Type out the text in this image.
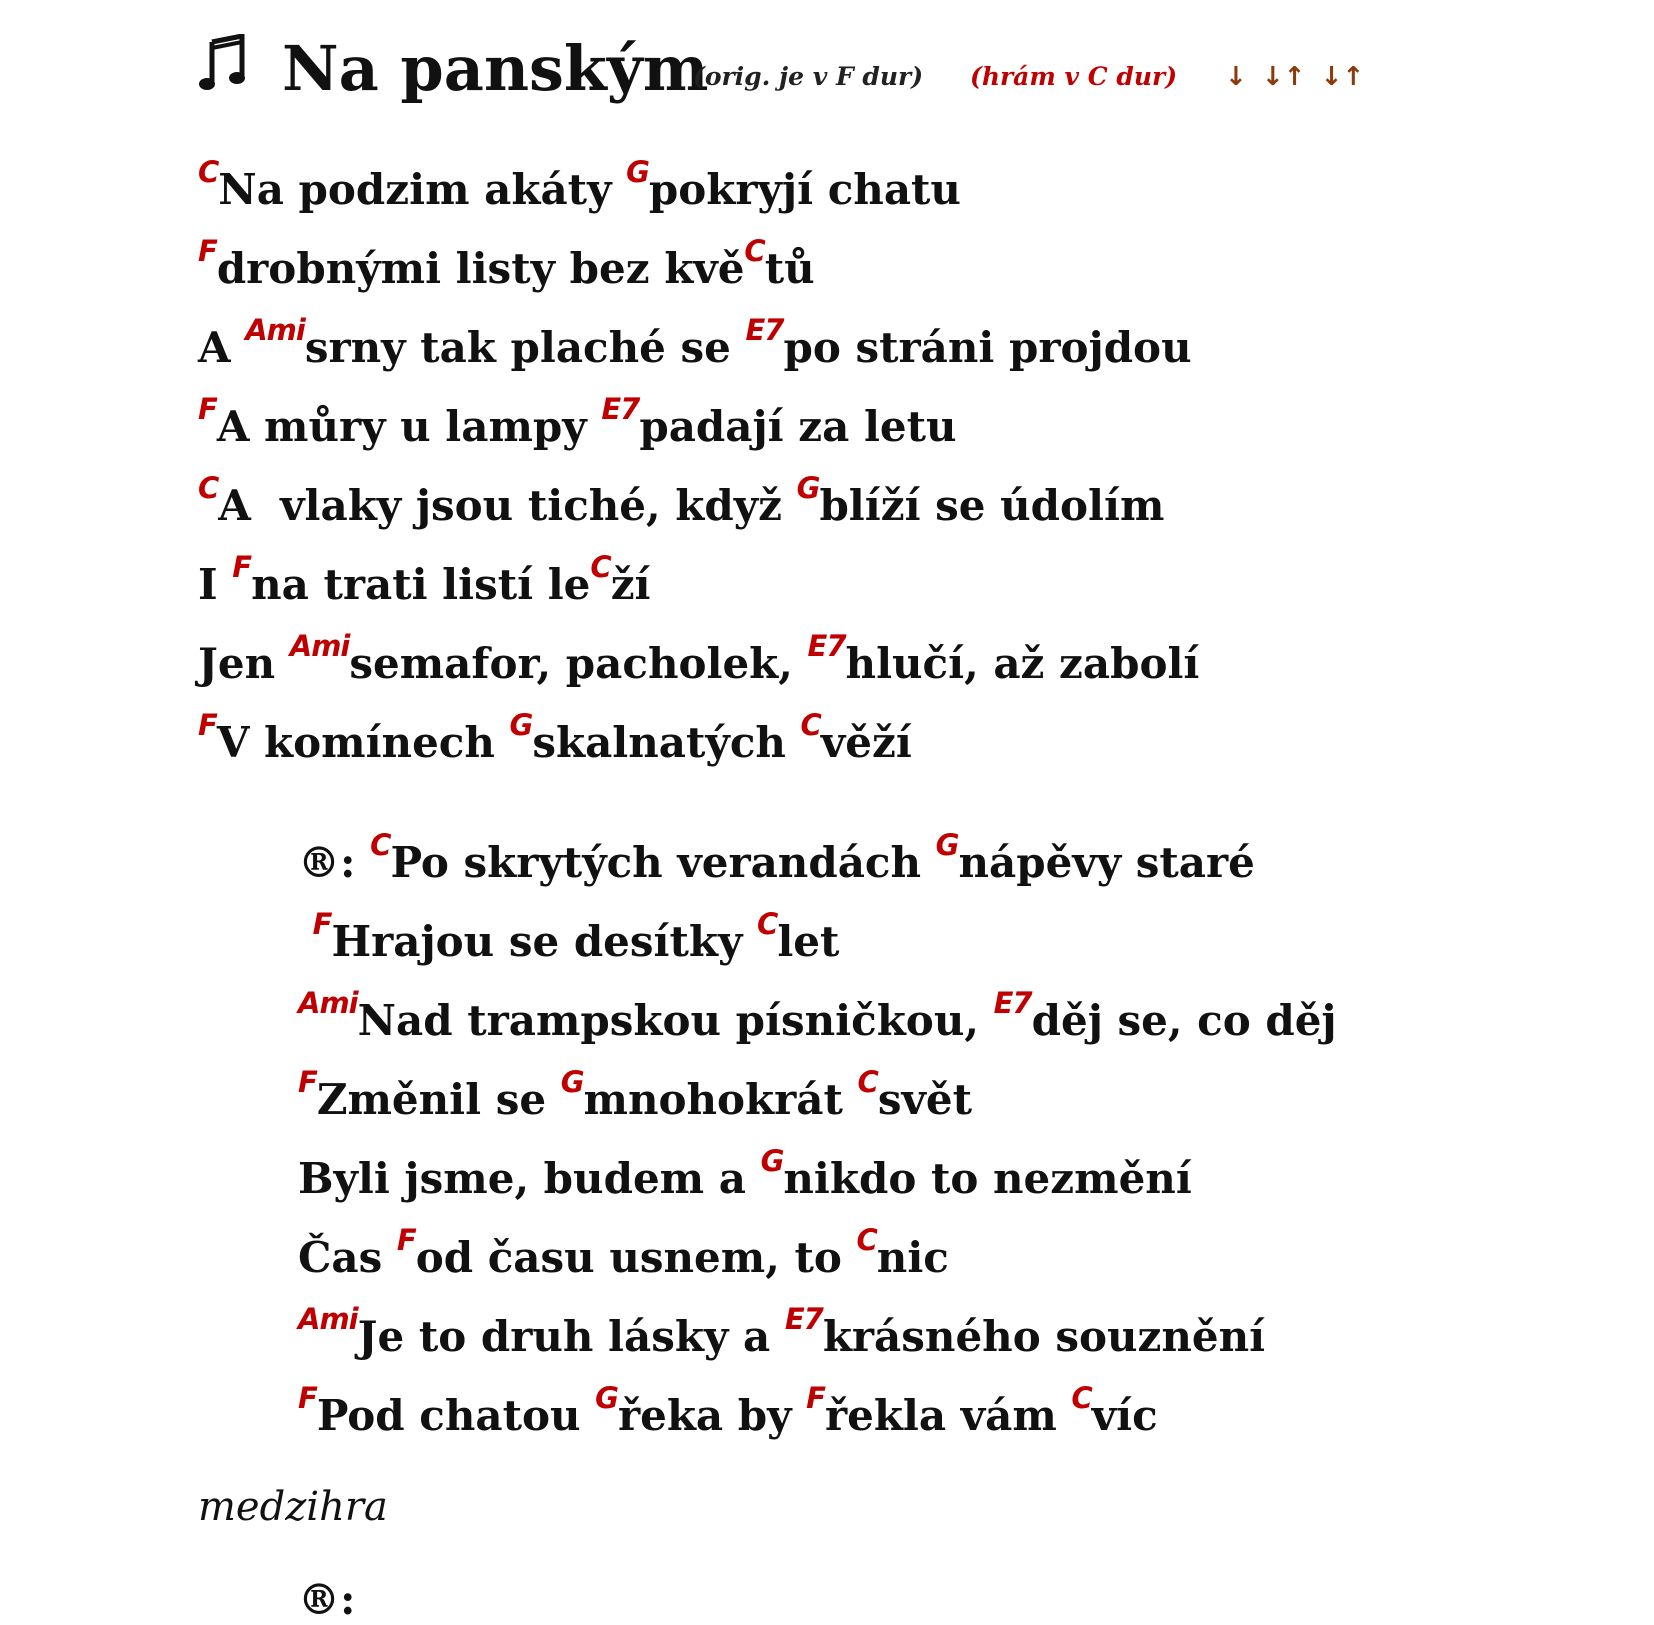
Na panským
(orig. je v F dur) (hrám v C dur) ↓ ↓↑ ↓↑
$^C$Na podzim akáty $^G$pokryjí chatu
$^F$drobnými listy bez kvě$^C$tů
A $^{Ami}$srny tak plaché se $^{E7}$po stráni projdou
$^F$A můry u lampy $^{E7}$padají za letu
$^C$A  vlaky jsou tiché, když $^G$blíží se údolím
I $^F$na trati listí $le^Cží$
Jen $^{Ami}$semafor, pacholek, $^{E7}$hlučí, až zabolí
$^F$V komínech $^G$skalnatých $^C$věží
®: $^C$Po skrytých verandách $^G$nápěvy staré
$^F$Hrajou se desítky $^C$let
$^{Ami}$Nad trampskou písničkou, $^{E7}$děj se, co děj
$^F$Změnil se $^G$mnohokrát $^C$svět
Byli jsme, budem a $^G$nikdo to nezmění
Čas $^F$od času usnem, to $^C$nic
$^{Ami}$Je to druh lásky a $^{E7}$krásného souznění
$^F$Pod chatou $^G$řeka by $^F$řekla vám $^C$víc
medzihra
®:
